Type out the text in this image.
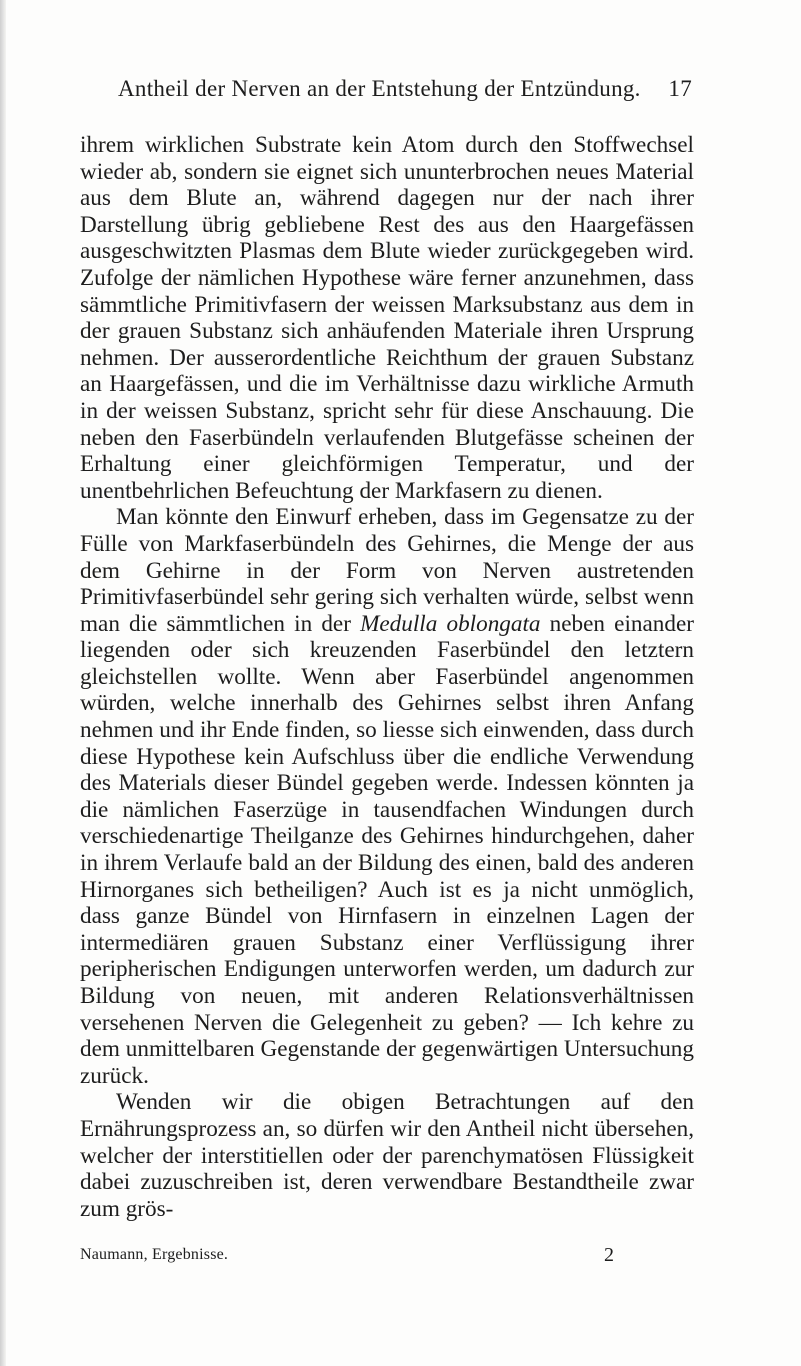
Antheil der Nerven an der Entstehung der Entzündung. 17

ihrem wirklichen Substrate kein Atom durch den Stoffwechsel wieder ab, sondern sie eignet sich ununterbrochen neues Material aus dem Blute an, während dagegen nur der nach ihrer Darstellung übrig gebliebene Rest des aus den Haargefässen ausgeschwitzten Plasmas dem Blute wieder zurückgegeben wird. Zufolge der nämlichen Hypothese wäre ferner anzunehmen, dass sämmtliche Primitivfasern der weissen Marksubstanz aus dem in der grauen Substanz sich anhäufenden Materiale ihren Ursprung nehmen. Der ausserordentliche Reichthum der grauen Substanz an Haargefässen, und die im Verhältnisse dazu wirkliche Armuth in der weissen Substanz, spricht sehr für diese Anschauung. Die neben den Faserbündeln verlaufenden Blutgefässe scheinen der Erhaltung einer gleichförmigen Temperatur, und der unentbehrlichen Befeuchtung der Markfasern zu dienen.

Man könnte den Einwurf erheben, dass im Gegensatze zu der Fülle von Markfaserbündeln des Gehirnes, die Menge der aus dem Gehirne in der Form von Nerven austretenden Primitivfaserbündel sehr gering sich verhalten würde, selbst wenn man die sämmtlichen in der Medulla oblongata neben einander liegenden oder sich kreuzenden Faserbündel den letztern gleichstellen wollte. Wenn aber Faserbündel angenommen würden, welche innerhalb des Gehirnes selbst ihren Anfang nehmen und ihr Ende finden, so liesse sich einwenden, dass durch diese Hypothese kein Aufschluss über die endliche Verwendung des Materials dieser Bündel gegeben werde. Indessen könnten ja die nämlichen Faserzüge in tausendfachen Windungen durch verschiedenartige Theilganze des Gehirnes hindurchgehen, daher in ihrem Verlaufe bald an der Bildung des einen, bald des anderen Hirnorganes sich betheiligen? Auch ist es ja nicht unmöglich, dass ganze Bündel von Hirnfasern in einzelnen Lagen der intermediären grauen Substanz einer Verflüssigung ihrer peripherischen Endigungen unterworfen werden, um dadurch zur Bildung von neuen, mit anderen Relationsverhältnissen versehenen Nerven die Gelegenheit zu geben? — Ich kehre zu dem unmittelbaren Gegenstande der gegenwärtigen Untersuchung zurück.

Wenden wir die obigen Betrachtungen auf den Ernährungsprozess an, so dürfen wir den Antheil nicht übersehen, welcher der interstitiellen oder der parenchymatösen Flüssigkeit dabei zuzuschreiben ist, deren verwendbare Bestandtheile zwar zum grös-

Naumann, Ergebnisse.	2
